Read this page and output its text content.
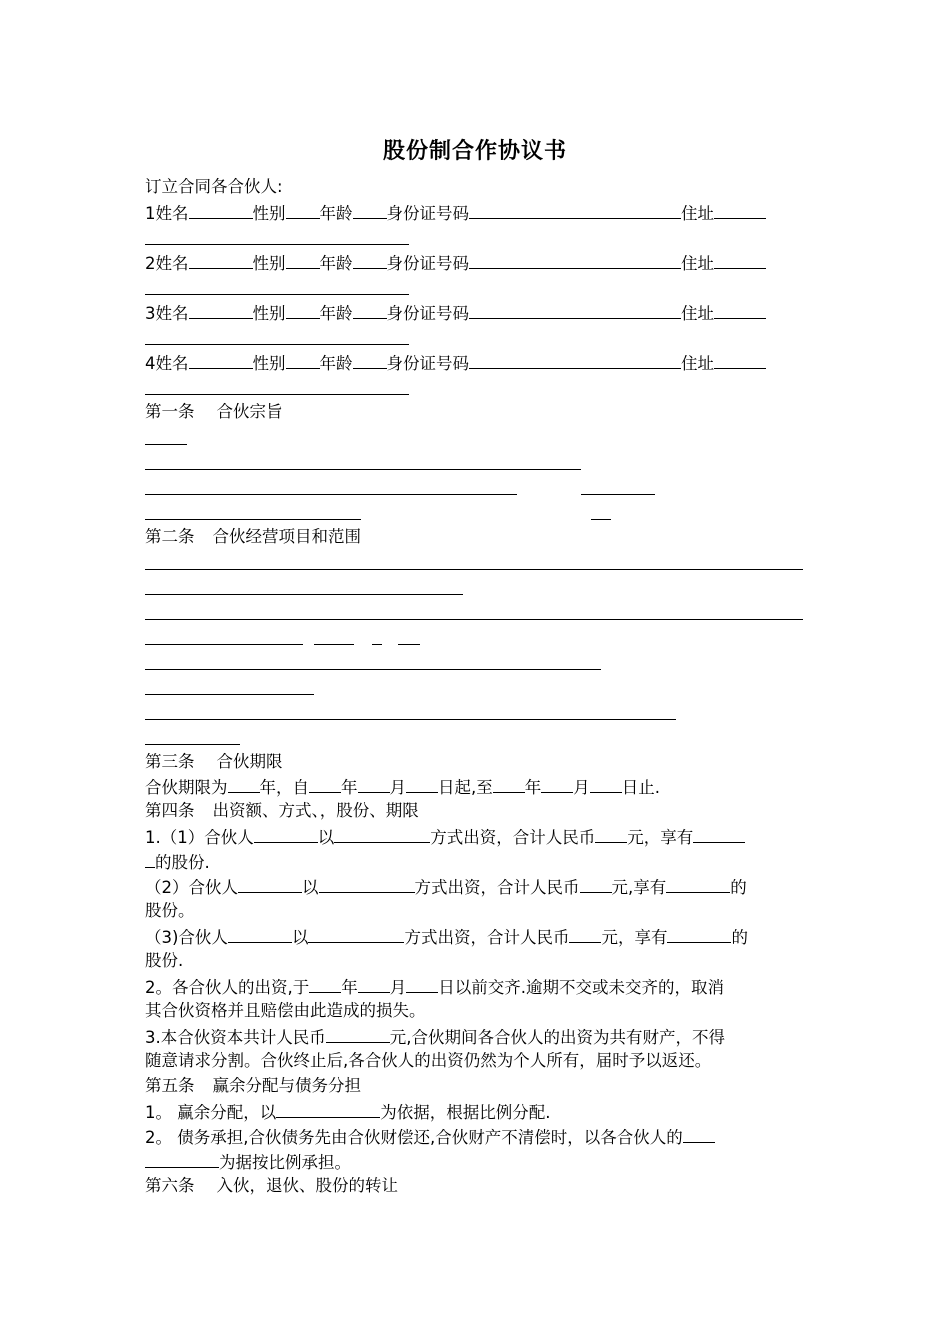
股份制合作协议书
订立合同各合伙人:
1姓名	性别 年龄 身份证号码	住址
2姓名	性别 年龄 身份证号码	住址
3姓名	性别 年龄 身份证号码	住址
4姓名	性别 年龄 身份证号码	住址
第一条 合伙宗旨
第二条 合伙经营项目和范围
第三条 合伙期限
合伙期限为 年，自 年 月 日起,至 年 月 日止.
第四条 出资额、方式、，股份、期限
1.（1）合伙人	以	方式出资，合计人民币 元，享有
的股份.
（2）合伙人	以	方式出资，合计人民币 元,享有	的
股份。
（3)合伙人	以	方式出资，合计人民币 元，享有	的
股份.
2。各合伙人的出资,于 年 月 日以前交齐.逾期不交或未交齐的，取消
其合伙资格并且赔偿由此造成的损失。
3.本合伙资本共计人民币	元,合伙期间各合伙人的出资为共有财产，不得
随意请求分割。合伙终止后,各合伙人的出资仍然为个人所有，届时予以返还。
第五条 赢余分配与债务分担
1。 赢余分配，以	为依据，根据比例分配.
2。 债务承担,合伙债务先由合伙财偿还,合伙财产不清偿时，以各合伙人的
为据按比例承担。
第六条 入伙，退伙、股份的转让
